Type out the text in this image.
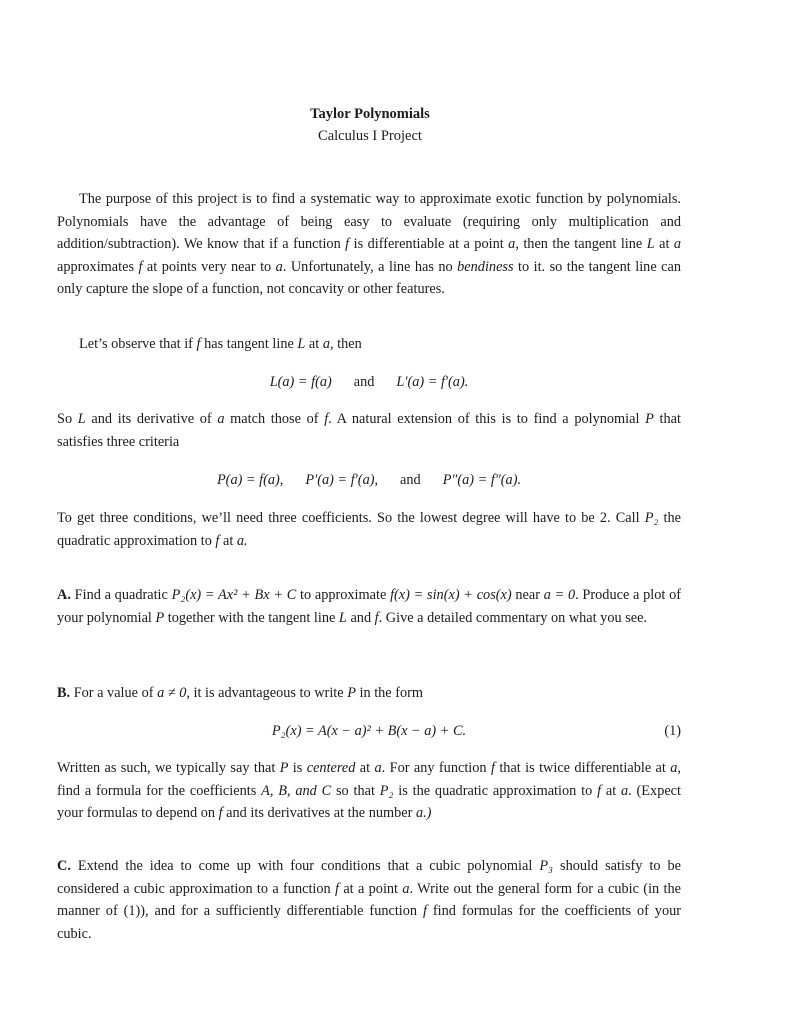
Taylor Polynomials
Calculus I Project
The purpose of this project is to find a systematic way to approximate exotic function by polynomials. Polynomials have the advantage of being easy to evaluate (requiring only multiplication and addition/subtraction). We know that if a function f is differentiable at a point a, then the tangent line L at a approximates f at points very near to a. Unfortunately, a line has no bendiness to it. so the tangent line can only capture the slope of a function, not concavity or other features.
Let’s observe that if f has tangent line L at a, then
L(a) = f(a) and L′(a) = f′(a).
So L and its derivative of a match those of f. A natural extension of this is to find a polynomial P that satisfies three criteria
P(a) = f(a), P′(a) = f′(a), and P″(a) = f″(a).
To get three conditions, we’ll need three coefficients. So the lowest degree will have to be 2. Call P₂ the quadratic approximation to f at a.
A. Find a quadratic P₂(x) = Ax² + Bx + C to approximate f(x) = sin(x) + cos(x) near a = 0. Produce a plot of your polynomial P together with the tangent line L and f. Give a detailed commentary on what you see.
B. For a value of a ≠ 0, it is advantageous to write P in the form
P₂(x) = A(x − a)² + B(x − a) + C.	(1)
Written as such, we typically say that P is centered at a. For any function f that is twice differentiable at a, find a formula for the coefficients A, B, and C so that P₂ is the quadratic approximation to f at a. (Expect your formulas to depend on f and its derivatives at the number a.)
C. Extend the idea to come up with four conditions that a cubic polynomial P₃ should satisfy to be considered a cubic approximation to a function f at a point a. Write out the general form for a cubic (in the manner of (1)), and for a sufficiently differentiable function f find formulas for the coefficients of your cubic.
